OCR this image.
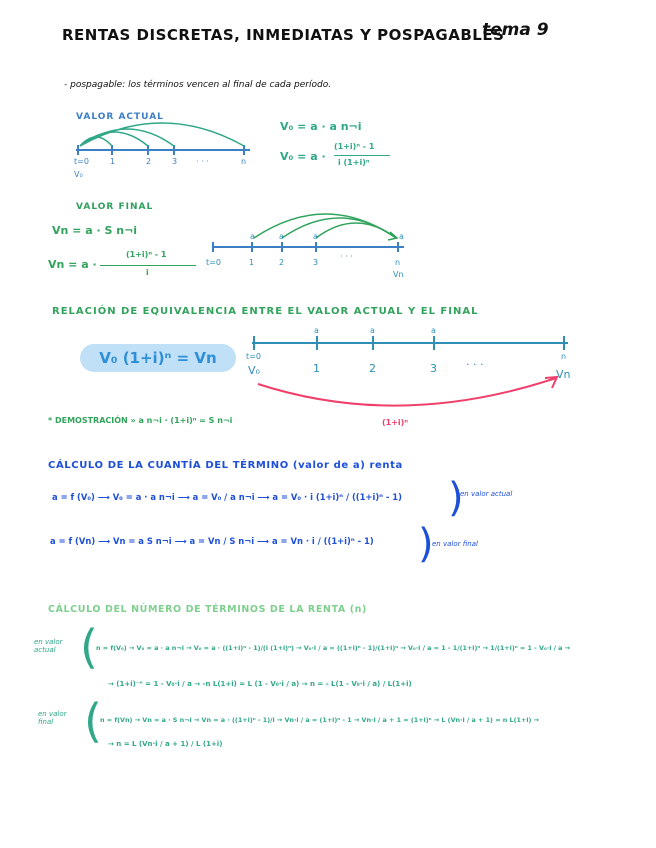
RENTAS DISCRETAS, INMEDIATAS Y POSPAGABLES
tema 9
- pospagable: los términos vencen al final de cada período.
VALOR ACTUAL
V₀ = a · a n¬i
V₀ = a ·
(1+i)ⁿ - 1
i (1+i)ⁿ
t=0	1	2	3 · · ·	n
V₀
VALOR FINAL
Vn = a · S n¬i
Vn = a ·
(1+i)ⁿ - 1
i
a	a	a	a
t=0	1	2	3
· · ·
n
Vn
RELACIÓN DE EQUIVALENCIA ENTRE EL VALOR ACTUAL Y EL FINAL
V₀ (1+i)ⁿ = Vn
a	a	a
t=0
1	2	3	· · ·
n
V₀	Vn
(1+i)ⁿ
* DEMOSTRACIÓN » a n¬i · (1+i)ⁿ = S n¬i
CÁLCULO DE LA CUANTÍA DEL TÉRMINO (valor de a) renta
a = f (V₀) ⟶ V₀ = a · a n¬i ⟶ a = V₀ / a n¬i ⟶ a = V₀ · i (1+i)ⁿ / ((1+i)ⁿ - 1) )
en valor actual
a = f (Vn) ⟶ Vn = a S n¬i ⟶ a = Vn / S n¬i ⟶ a = Vn · i / ((1+i)ⁿ - 1) )
en valor final
CÁLCULO DEL NÚMERO DE TÉRMINOS DE LA RENTA (n)
en valor actual (
n = f(V₀) → V₀ = a · a n¬i → V₀ = a · ((1+i)ⁿ - 1)/(i (1+i)ⁿ) → V₀·i / a = ((1+i)ⁿ - 1)/(1+i)ⁿ → V₀·i / a = 1 - 1/(1+i)ⁿ → 1/(1+i)ⁿ = 1 - V₀·i / a →
→ (1+i)⁻ⁿ = 1 - V₀·i / a → -n L(1+i) = L (1 - V₀·i / a) → n = - L(1 - V₀·i / a) / L(1+i)
en valor final (
n = f(Vn) → Vn = a · S n¬i → Vn = a · ((1+i)ⁿ - 1)/i → Vn·i / a = (1+i)ⁿ - 1 → Vn·i / a + 1 = (1+i)ⁿ → L (Vn·i / a + 1) = n L(1+i) →
→ n = L (Vn·i / a + 1) / L (1+i)
